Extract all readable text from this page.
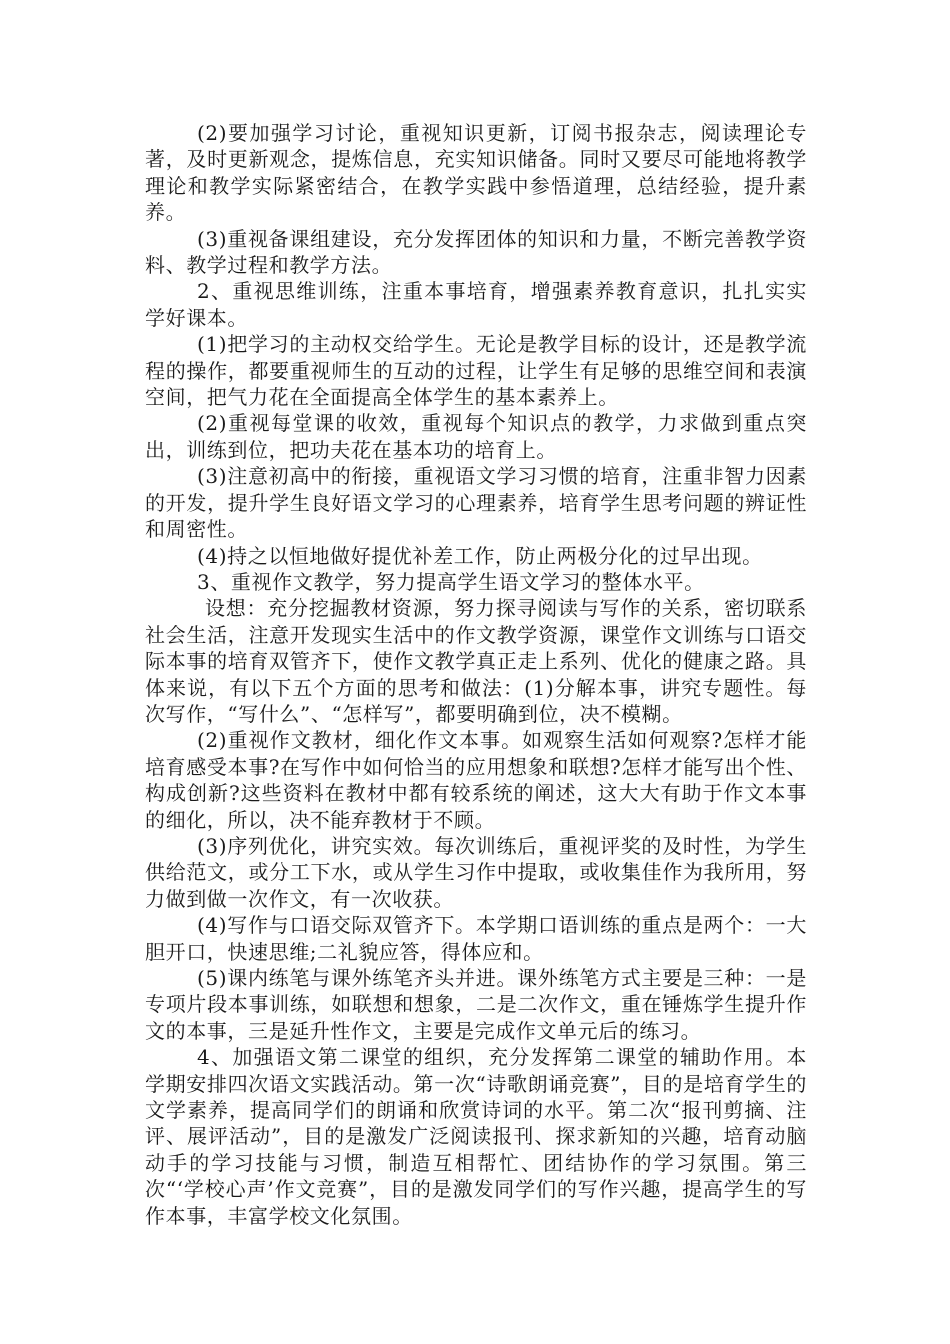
(2)要加强学习讨论，重视知识更新，订阅书报杂志，阅读理论专著，及时更新观念，提炼信息，充实知识储备。同时又要尽可能地将教学理论和教学实际紧密结合，在教学实践中参悟道理，总结经验，提升素养。

(3)重视备课组建设，充分发挥团体的知识和力量，不断完善教学资料、教学过程和教学方法。

2、重视思维训练，注重本事培育，增强素养教育意识，扎扎实实学好课本。

(1)把学习的主动权交给学生。无论是教学目标的设计，还是教学流程的操作，都要重视师生的互动的过程，让学生有足够的思维空间和表演空间，把气力花在全面提高全体学生的基本素养上。

(2)重视每堂课的收效，重视每个知识点的教学，力求做到重点突出，训练到位，把功夫花在基本功的培育上。

(3)注意初高中的衔接，重视语文学习习惯的培育，注重非智力因素的开发，提升学生良好语文学习的心理素养，培育学生思考问题的辨证性和周密性。

(4)持之以恒地做好提优补差工作，防止两极分化的过早出现。

3、重视作文教学，努力提高学生语文学习的整体水平。

设想：充分挖掘教材资源，努力探寻阅读与写作的关系，密切联系社会生活，注意开发现实生活中的作文教学资源，课堂作文训练与口语交际本事的培育双管齐下，使作文教学真正走上系列、优化的健康之路。具体来说，有以下五个方面的思考和做法：(1)分解本事，讲究专题性。每次写作，“写什么”、“怎样写”，都要明确到位，决不模糊。

(2)重视作文教材，细化作文本事。如观察生活如何观察?怎样才能培育感受本事?在写作中如何恰当的应用想象和联想?怎样才能写出个性、构成创新?这些资料在教材中都有较系统的阐述，这大大有助于作文本事的细化，所以，决不能弃教材于不顾。

(3)序列优化，讲究实效。每次训练后，重视评奖的及时性，为学生供给范文，或分工下水，或从学生习作中提取，或收集佳作为我所用，努力做到做一次作文，有一次收获。

(4)写作与口语交际双管齐下。本学期口语训练的重点是两个：一大胆开口，快速思维;二礼貌应答，得体应和。

(5)课内练笔与课外练笔齐头并进。课外练笔方式主要是三种：一是专项片段本事训练，如联想和想象，二是二次作文，重在锤炼学生提升作文的本事，三是延升性作文，主要是完成作文单元后的练习。

4、加强语文第二课堂的组织，充分发挥第二课堂的辅助作用。本学期安排四次语文实践活动。第一次“诗歌朗诵竞赛”，目的是培育学生的文学素养，提高同学们的朗诵和欣赏诗词的水平。第二次“报刊剪摘、注评、展评活动”，目的是激发广泛阅读报刊、探求新知的兴趣，培育动脑动手的学习技能与习惯，制造互相帮忙、团结协作的学习氛围。第三次“‘学校心声’作文竞赛”，目的是激发同学们的写作兴趣，提高学生的写作本事，丰富学校文化氛围。
